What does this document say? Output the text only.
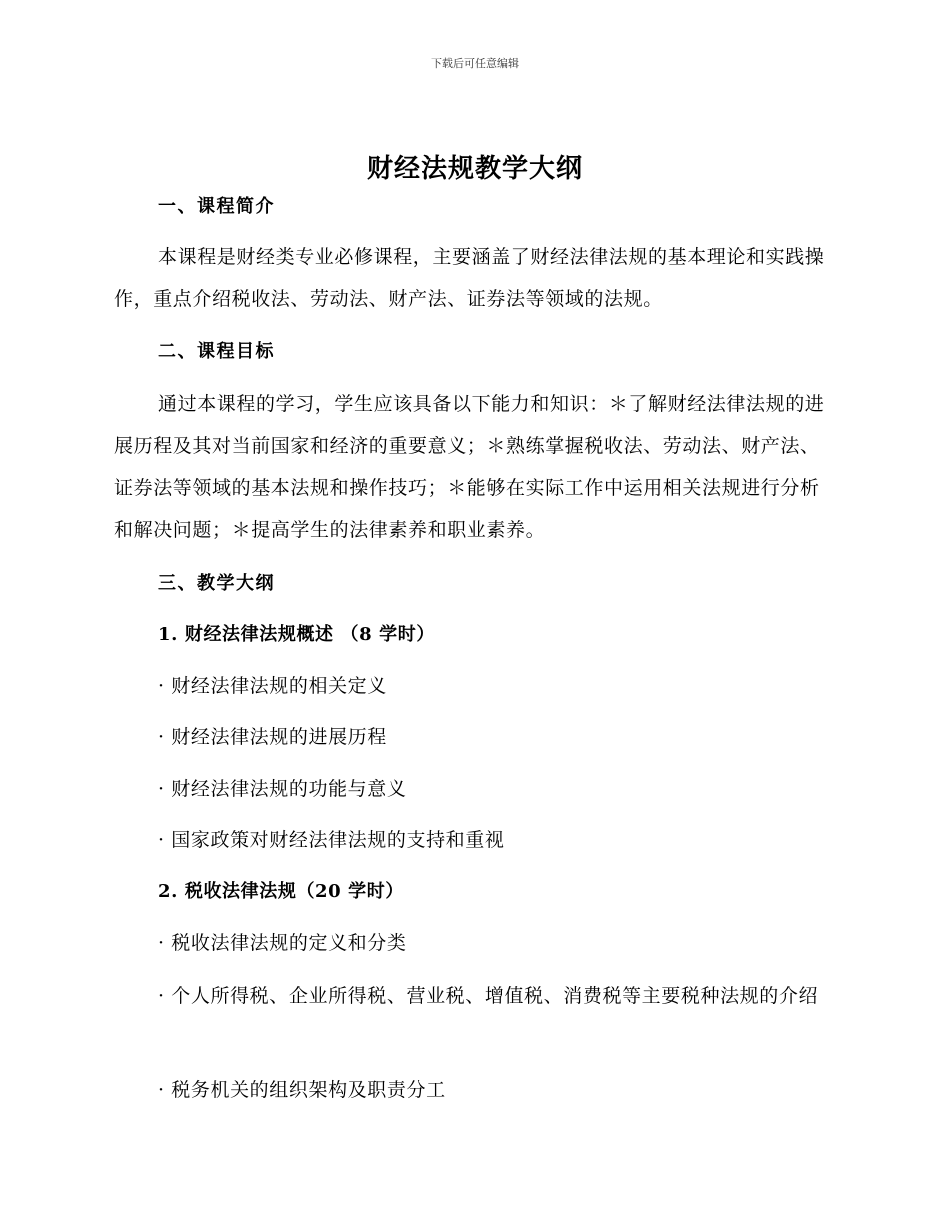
下载后可任意编辑
财经法规教学大纲
一、课程简介
本课程是财经类专业必修课程，主要涵盖了财经法律法规的基本理论和实践操作，重点介绍税收法、劳动法、财产法、证券法等领域的法规。
二、课程目标
通过本课程的学习，学生应该具备以下能力和知识：＊了解财经法律法规的进展历程及其对当前国家和经济的重要意义；＊熟练掌握税收法、劳动法、财产法、证券法等领域的基本法规和操作技巧；＊能够在实际工作中运用相关法规进行分析和解决问题；＊提高学生的法律素养和职业素养。
三、教学大纲
1. 财经法律法规概述 （8 学时）
· 财经法律法规的相关定义
· 财经法律法规的进展历程
· 财经法律法规的功能与意义
· 国家政策对财经法律法规的支持和重视
2. 税收法律法规（20 学时）
· 税收法律法规的定义和分类
· 个人所得税、企业所得税、营业税、增值税、消费税等主要税种法规的介绍
· 税务机关的组织架构及职责分工
